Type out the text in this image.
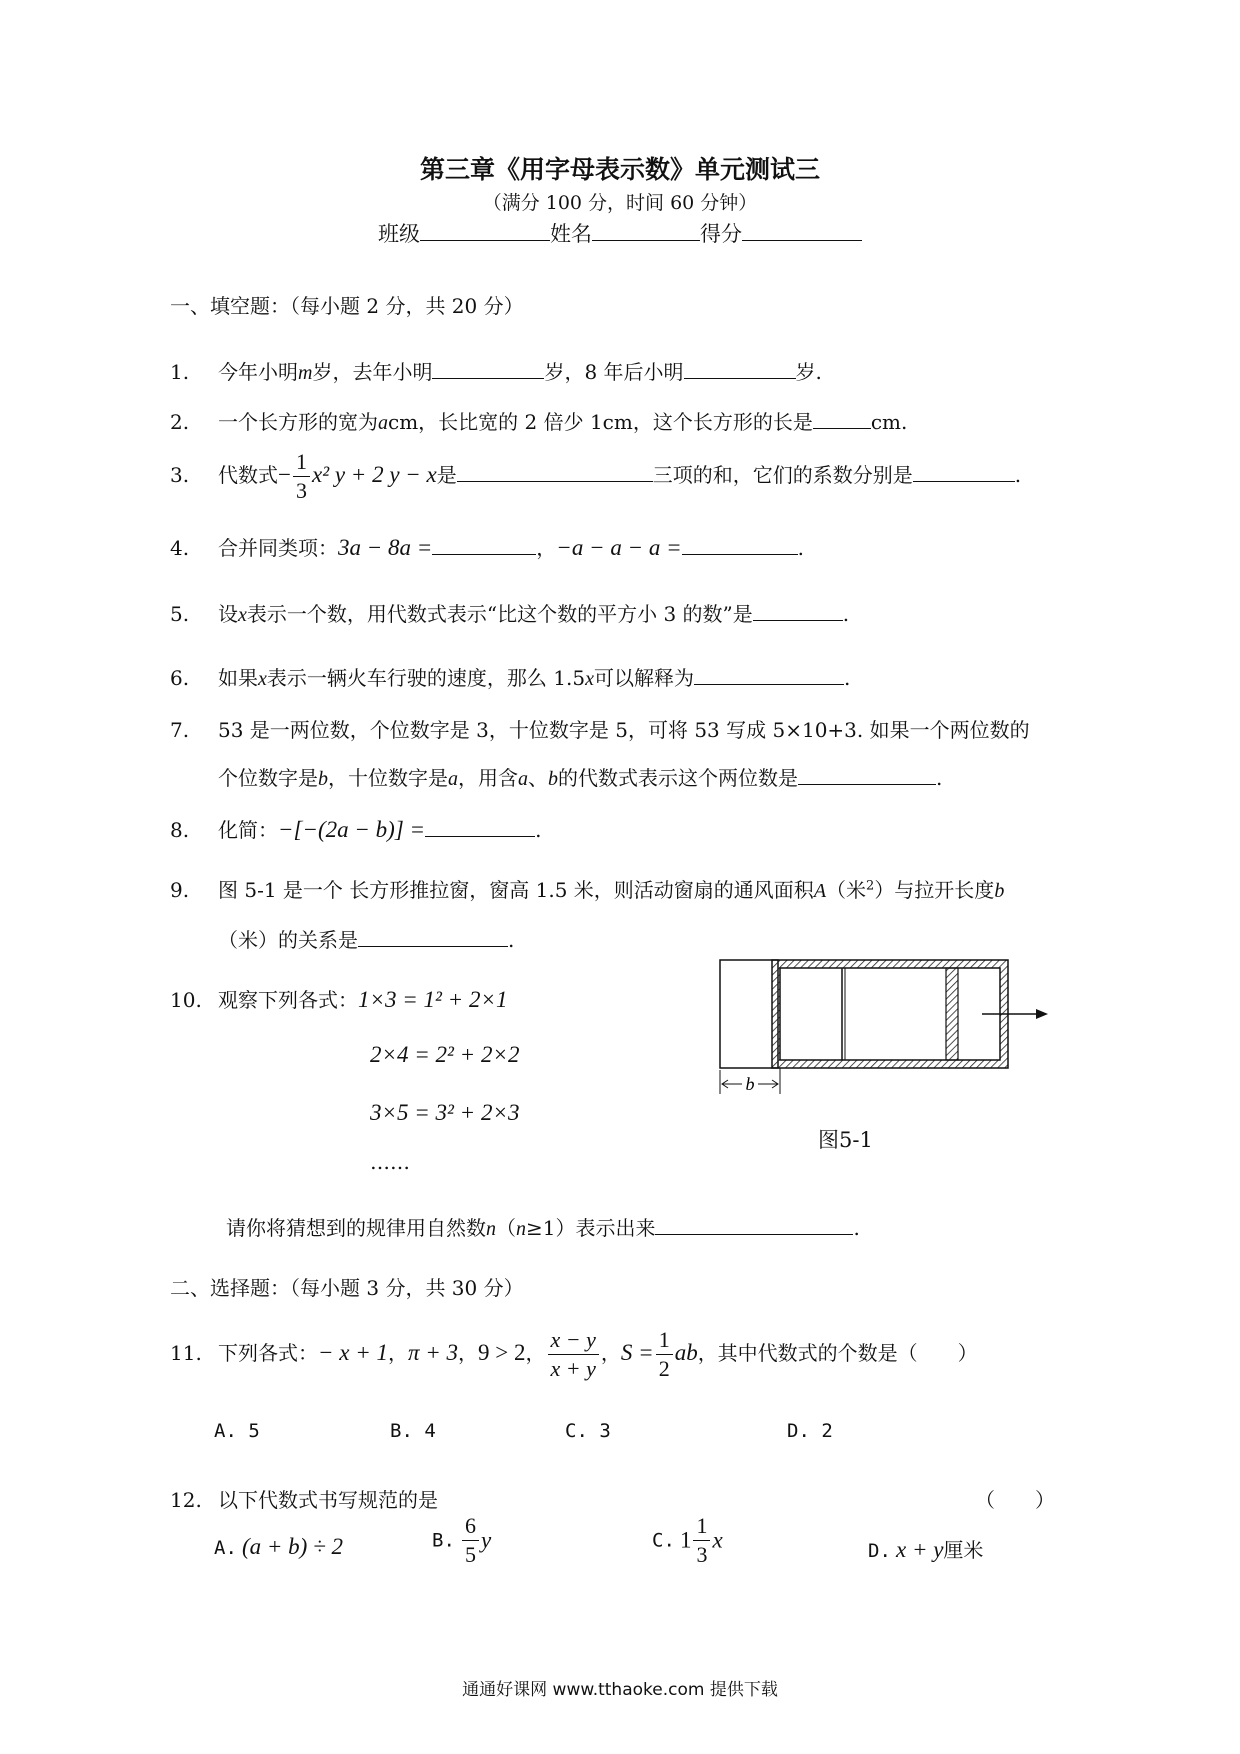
第三章《用字母表示数》单元测试三
（满分 100 分，时间 60 分钟）
班级	姓名	得分
一、填空题：（每小题 2 分，共 20 分）
1. 今年小明m岁，去年小明	岁，8 年后小明	岁.
2. 一个长方形的宽为acm，长比宽的 2 倍少 1cm，这个长方形的长是	cm.
3. 代数式− $\frac{1}{3} x^2$ y + 2 y − x是	三项的和，它们的系数分别是	.
4. 合并同类项：3a − 8a =	，−a − a − a =	.
5. 设x表示一个数，用代数式表示“比这个数的平方小 3 的数”是	.
6. 如果x表示一辆火车行驶的速度，那么 1.5x可以解释为	.
7. 53 是一两位数，个位数字是 3，十位数字是 5，可将 53 写成 5×10+3. 如果一个两位数的
个位数字是b，十位数字是a，用含a、b的代数式表示这个两位数是	.
8. 化简：−[−(2a − b)] =	.
9. 图 5-1 是一个 长方形推拉窗，窗高 1.5 米，则活动窗扇的通风面积A（米$^2$）与拉开长度b
（米）的关系是	.
10. 观察下列各式：1×3 = 1² + 2×1
2×4 = 2² + 2×2
3×5 = 3² + 2×3
……
请你将猜想到的规律用自然数n（n≥1）表示出来	.
b
图5-1
二、选择题：（每小题 3 分，共 30 分）
11. 下列各式：− x + 1，π + 3，9 > 2， $\frac{x - y}{x + y}$ ，$S = \frac{1}{2}$ ab，其中代数式的个数是（　　）
A. 5	B. 4	C. 3	D. 2
12. 以下代数式书写规范的是	（　　）
A. (a + b) ÷ 2	B. $\frac{6}{5}$ y	C. $1 \frac{1}{3}$ x	D. x + y厘米
通通好课网 www.tthaoke.com 提供下载
